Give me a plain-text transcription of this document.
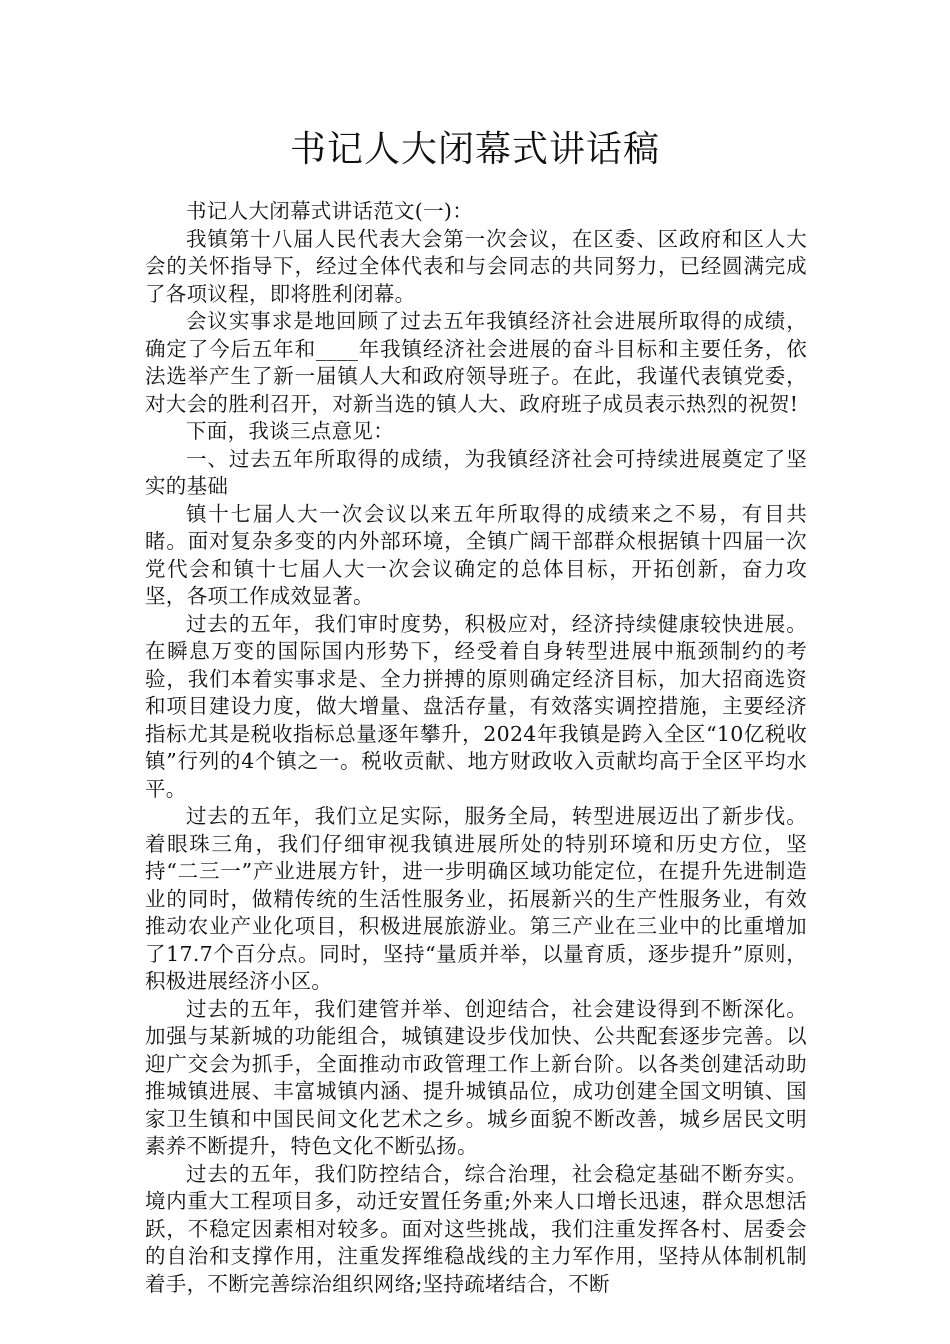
书记人大闭幕式讲话稿

书记人大闭幕式讲话范文(一)：

我镇第十八届人民代表大会第一次会议，在区委、区政府和区人大会的关怀指导下，经过全体代表和与会同志的共同努力，已经圆满完成了各项议程，即将胜利闭幕。

会议实事求是地回顾了过去五年我镇经济社会进展所取得的成绩，确定了今后五年和____年我镇经济社会进展的奋斗目标和主要任务，依法选举产生了新一届镇人大和政府领导班子。在此，我谨代表镇党委，对大会的胜利召开，对新当选的镇人大、政府班子成员表示热烈的祝贺!

下面，我谈三点意见：

一、过去五年所取得的成绩，为我镇经济社会可持续进展奠定了坚实的基础

镇十七届人大一次会议以来五年所取得的成绩来之不易，有目共睹。面对复杂多变的内外部环境，全镇广阔干部群众根据镇十四届一次党代会和镇十七届人大一次会议确定的总体目标，开拓创新，奋力攻坚，各项工作成效显著。

过去的五年，我们审时度势，积极应对，经济持续健康较快进展。在瞬息万变的国际国内形势下，经受着自身转型进展中瓶颈制约的考验，我们本着实事求是、全力拼搏的原则确定经济目标，加大招商选资和项目建设力度，做大增量、盘活存量，有效落实调控措施，主要经济指标尤其是税收指标总量逐年攀升，2024年我镇是跨入全区“10亿税收镇”行列的4个镇之一。税收贡献、地方财政收入贡献均高于全区平均水平。

过去的五年，我们立足实际，服务全局，转型进展迈出了新步伐。着眼珠三角，我们仔细审视我镇进展所处的特别环境和历史方位，坚持“二三一”产业进展方针，进一步明确区域功能定位，在提升先进制造业的同时，做精传统的生活性服务业，拓展新兴的生产性服务业，有效推动农业产业化项目，积极进展旅游业。第三产业在三业中的比重增加了17.7个百分点。同时，坚持“量质并举，以量育质，逐步提升”原则，积极进展经济小区。

过去的五年，我们建管并举、创迎结合，社会建设得到不断深化。加强与某新城的功能组合，城镇建设步伐加快、公共配套逐步完善。以迎广交会为抓手，全面推动市政管理工作上新台阶。以各类创建活动助推城镇进展、丰富城镇内涵、提升城镇品位，成功创建全国文明镇、国家卫生镇和中国民间文化艺术之乡。城乡面貌不断改善，城乡居民文明素养不断提升，特色文化不断弘扬。

过去的五年，我们防控结合，综合治理，社会稳定基础不断夯实。境内重大工程项目多，动迁安置任务重;外来人口增长迅速，群众思想活跃，不稳定因素相对较多。面对这些挑战，我们注重发挥各村、居委会的自治和支撑作用，注重发挥维稳战线的主力军作用，坚持从体制机制着手，不断完善综治组织网络;坚持疏堵结合，不断
